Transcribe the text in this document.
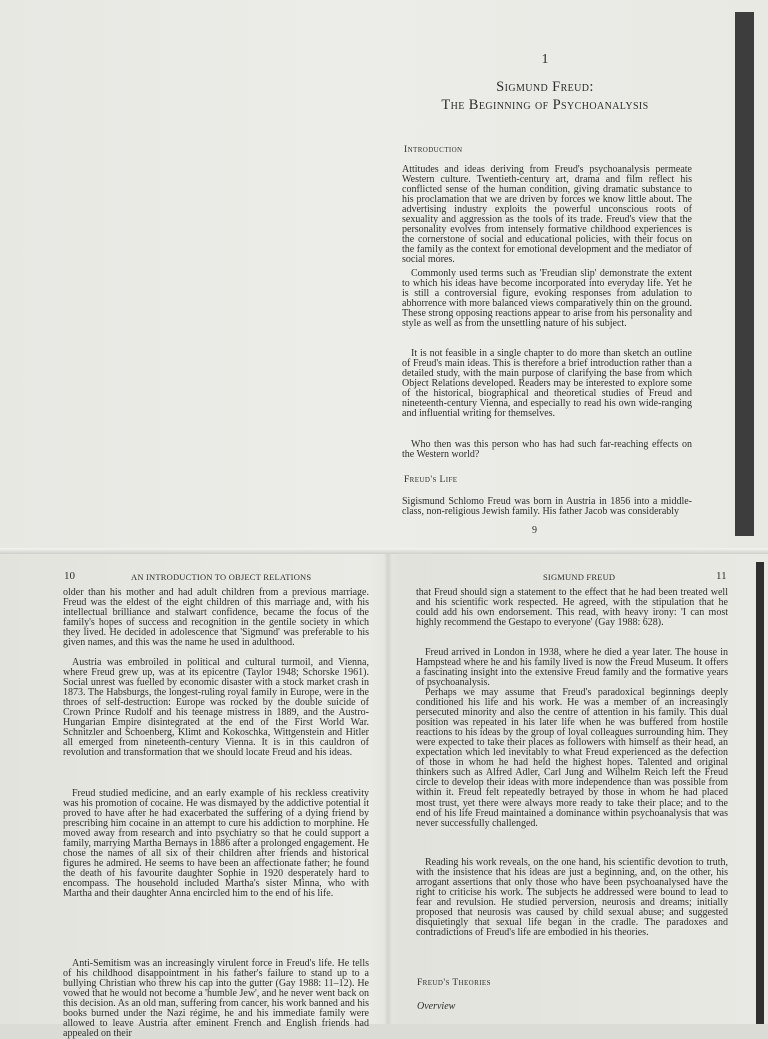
1
Sigmund Freud:
The Beginning of Psychoanalysis
Introduction

Attitudes and ideas deriving from Freud's psychoanalysis permeate Western culture. Twentieth-century art, drama and film reflect his conflicted sense of the human condition, giving dramatic substance to his proclamation that we are driven by forces we know little about. The advertising industry exploits the powerful unconscious roots of sexuality and aggression as the tools of its trade. Freud's view that the personality evolves from intensely formative childhood experiences is the cornerstone of social and educational policies, with their focus on the family as the context for emotional development and the mediator of social mores.

Commonly used terms such as 'Freudian slip' demonstrate the extent to which his ideas have become incorporated into everyday life. Yet he is still a controversial figure, evoking responses from adulation to abhorrence with more balanced views comparatively thin on the ground. These strong opposing reactions appear to arise from his personality and style as well as from the unsettling nature of his subject.

It is not feasible in a single chapter to do more than sketch an outline of Freud's main ideas. This is therefore a brief introduction rather than a detailed study, with the main purpose of clarifying the base from which Object Relations developed. Readers may be interested to explore some of the historical, biographical and theoretical studies of Freud and nineteenth-century Vienna, and especially to read his own wide-ranging and influential writing for themselves.

Who then was this person who has had such far-reaching effects on the Western world?

Freud's Life

Sigismund Schlomo Freud was born in Austria in 1856 into a middle-class, non-religious Jewish family. His father Jacob was considerably

9
10	AN INTRODUCTION TO OBJECT RELATIONS

older than his mother and had adult children from a previous marriage. Freud was the eldest of the eight children of this marriage and, with his intellectual brilliance and stalwart confidence, became the focus of the family's hopes of success and recognition in the gentile society in which they lived. He decided in adolescence that 'Sigmund' was preferable to his given names, and this was the name he used in adulthood.

Austria was embroiled in political and cultural turmoil, and Vienna, where Freud grew up, was at its epicentre (Taylor 1948; Schorske 1961). Social unrest was fuelled by economic disaster with a stock market crash in 1873. The Habsburgs, the longest-ruling royal family in Europe, were in the throes of self-destruction: Europe was rocked by the double suicide of Crown Prince Rudolf and his teenage mistress in 1889, and the Austro-Hungarian Empire disintegrated at the end of the First World War. Schnitzler and Schoenberg, Klimt and Kokoschka, Wittgenstein and Hitler all emerged from nineteenth-century Vienna. It is in this cauldron of revolution and transformation that we should locate Freud and his ideas.

Freud studied medicine, and an early example of his reckless creativity was his promotion of cocaine. He was dismayed by the addictive potential it proved to have after he had exacerbated the suffering of a dying friend by prescribing him cocaine in an attempt to cure his addiction to morphine. He moved away from research and into psychiatry so that he could support a family, marrying Martha Bernays in 1886 after a prolonged engagement. He chose the names of all six of their children after friends and historical figures he admired. He seems to have been an affectionate father; he found the death of his favourite daughter Sophie in 1920 desperately hard to encompass. The household included Martha's sister Minna, who with Martha and their daughter Anna encircled him to the end of his life.

Anti-Semitism was an increasingly virulent force in Freud's life. He tells of his childhood disappointment in his father's failure to stand up to a bullying Christian who threw his cap into the gutter (Gay 1988: 11–12). He vowed that he would not become a 'humble Jew', and he never went back on this decision. As an old man, suffering from cancer, his work banned and his books burned under the Nazi régime, he and his immediate family were allowed to leave Austria after eminent French and English friends had appealed on their

SIGMUND FREUD	11

that Freud should sign a statement to the effect that he had been treated well and his scientific work respected. He agreed, with the stipulation that he could add his own endorsement. This read, with heavy irony: 'I can most highly recommend the Gestapo to everyone' (Gay 1988: 628).

Freud arrived in London in 1938, where he died a year later. The house in Hampstead where he and his family lived is now the Freud Museum. It offers a fascinating insight into the extensive Freud family and the formative years of psychoanalysis.

Perhaps we may assume that Freud's paradoxical beginnings deeply conditioned his life and his work. He was a member of an increasingly persecuted minority and also the centre of attention in his family. This dual position was repeated in his later life when he was buffered from hostile reactions to his ideas by the group of loyal colleagues surrounding him. They were expected to take their places as followers with himself as their head, an expectation which led inevitably to what Freud experienced as the defection of those in whom he had held the highest hopes. Talented and original thinkers such as Alfred Adler, Carl Jung and Wilhelm Reich left the Freud circle to develop their ideas with more independence than was possible from within it. Freud felt repeatedly betrayed by those in whom he had placed most trust, yet there were always more ready to take their place; and to the end of his life Freud maintained a dominance within psychoanalysis that was never successfully challenged.

Reading his work reveals, on the one hand, his scientific devotion to truth, with the insistence that his ideas are just a beginning, and, on the other, his arrogant assertions that only those who have been psychoanalysed have the right to criticise his work. The subjects he addressed were bound to lead to fear and revulsion. He studied perversion, neurosis and dreams; initially proposed that neurosis was caused by child sexual abuse; and suggested disquietingly that sexual life began in the cradle. The paradoxes and contradictions of Freud's life are embodied in his theories.

Freud's Theories
Overview
